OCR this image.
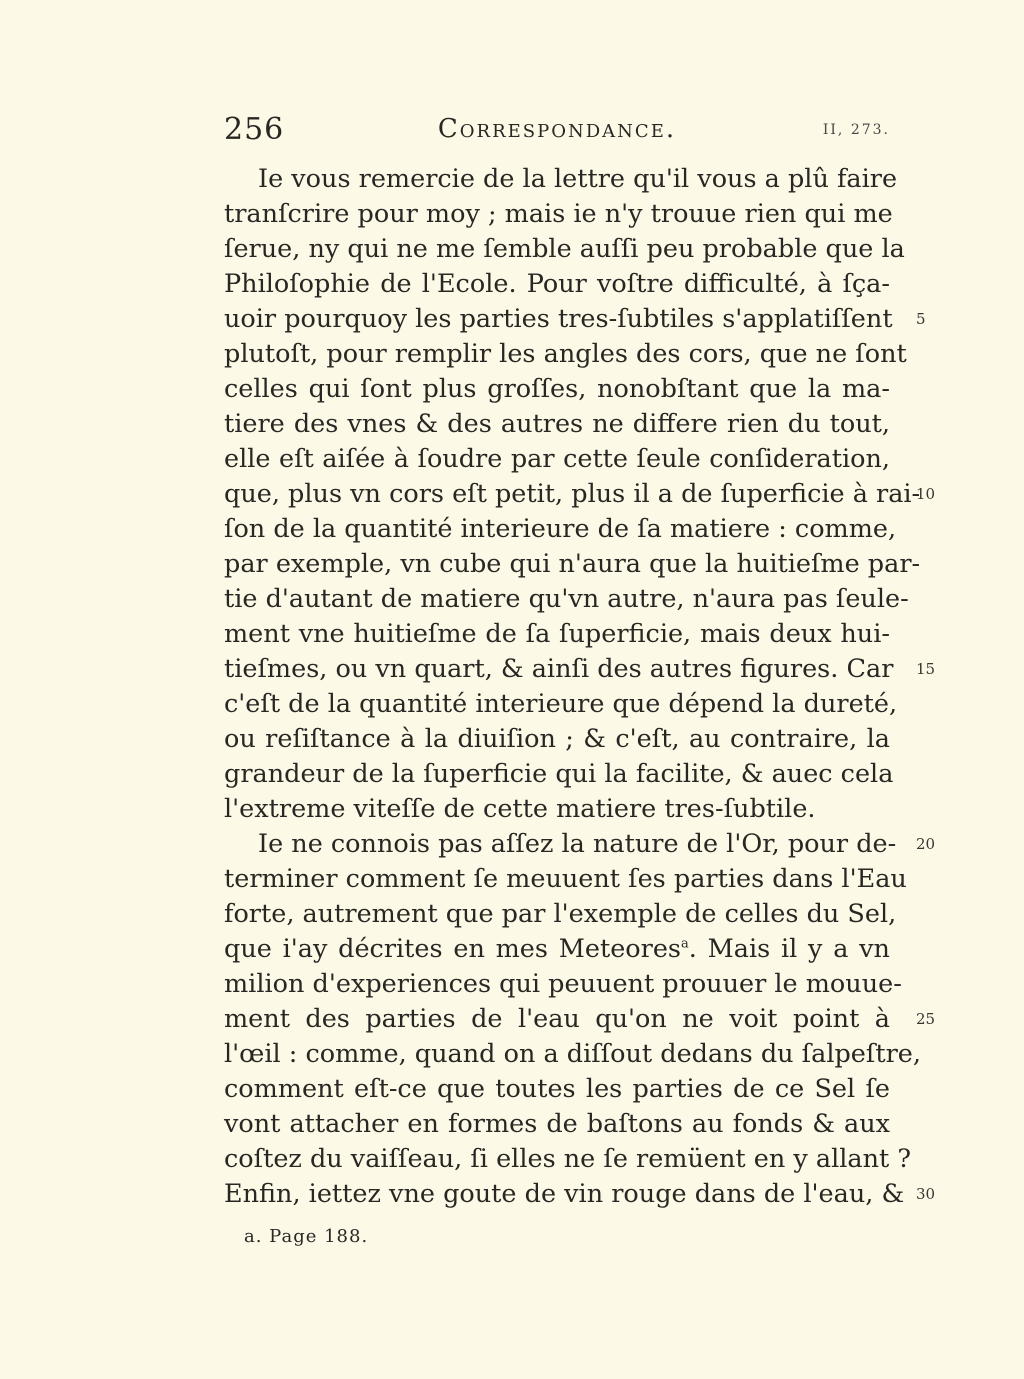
256	Correspondance.	II, 273.
Ie vous remercie de la lettre qu'il vous a plû faire
tranſcrire pour moy ; mais ie n'y trouue rien qui me
ſerue, ny qui ne me ſemble auſſi peu probable que la
Philoſophie de l'Ecole. Pour voſtre difficulté, à ſça-
uoir pourquoy les parties tres-ſubtiles s'applatiſſent 5
plutoſt, pour remplir les angles des cors, que ne ſont
celles qui ſont plus groſſes, nonobſtant que la ma-
tiere des vnes & des autres ne differe rien du tout,
elle eſt aiſée à ſoudre par cette ſeule conſideration,
que, plus vn cors eſt petit, plus il a de ſuperficie à rai-
10
ſon de la quantité interieure de ſa matiere : comme,
par exemple, vn cube qui n'aura que la huitieſme par-
tie d'autant de matiere qu'vn autre, n'aura pas ſeule-
ment vne huitieſme de ſa ſuperficie, mais deux hui-
tieſmes, ou vn quart, & ainſi des autres figures. Car 15
c'eſt de la quantité interieure que dépend la dureté,
ou reſiſtance à la diuiſion ; & c'eſt, au contraire, la
grandeur de la ſuperficie qui la facilite, & auec cela
l'extreme viteſſe de cette matiere tres-ſubtile.
Ie ne connois pas aſſez la nature de l'Or, pour de- 20
terminer comment ſe meuuent ſes parties dans l'Eau
forte, autrement que par l'exemple de celles du Sel,
que i'ay décrites en mes Meteores$^a$. Mais il y a vn
milion d'experiences qui peuuent prouuer le mouue-
ment des parties de l'eau qu'on ne voit point à 25
l'œil : comme, quand on a diſſout dedans du ſalpeſtre,
comment eſt-ce que toutes les parties de ce Sel ſe
vont attacher en formes de baſtons au fonds & aux
coſtez du vaiſſeau, ſi elles ne ſe remüent en y allant ?
Enfin, iettez vne goute de vin rouge dans de l'eau, & 30
a. Page 188.
